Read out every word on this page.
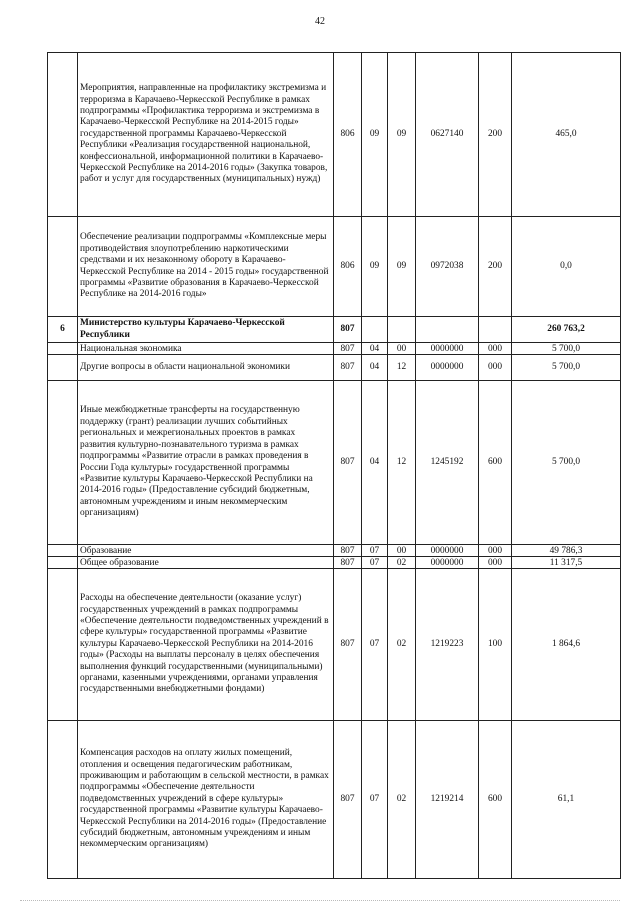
42
	Мероприятия, направленные на профилактику экстремизма и терроризма в Карачаево-Черкесской Республике в рамках подпрограммы «Профилактика терроризма и экстремизма в Карачаево-Черкесской Республике на 2014-2015 годы» государственной программы Карачаево-Черкесской Республики «Реализация государственной национальной, конфессиональной, информационной политики в Карачаево-Черкесской Республике на 2014-2016 годы» (Закупка товаров, работ и услуг для государственных (муниципальных) нужд)	806	09	09	0627140	200	465,0
	Обеспечение реализации подпрограммы «Комплексные меры противодействия злоупотреблению наркотическими средствами и их незаконному обороту в Карачаево-Черкесской Республике на 2014 - 2015 годы» государственной программы «Развитие образования в Карачаево-Черкесской Республике на 2014-2016 годы»	806	09	09	0972038	200	0,0
6	Министерство культуры Карачаево-Черкесской Республики	807					260 763,2
	Национальная экономика	807	04	00	0000000	000	5 700,0
	Другие вопросы в области национальной экономики	807	04	12	0000000	000	5 700,0
	Иные межбюджетные трансферты на государственную поддержку (грант) реализации лучших событийных региональных и межрегиональных проектов в рамках развития культурно-познавательного туризма в рамках подпрограммы «Развитие отрасли в рамках проведения в России Года культуры» государственной программы «Развитие культуры Карачаево-Черкесской Республики на 2014-2016 годы» (Предоставление субсидий бюджетным, автономным учреждениям и иным некоммерческим организациям)	807	04	12	1245192	600	5 700,0
	Образование	807	07	00	0000000	000	49 786,3
	Общее образование	807	07	02	0000000	000	11 317,5
	Расходы на обеспечение деятельности (оказание услуг) государственных учреждений в рамках подпрограммы «Обеспечение деятельности подведомственных учреждений в сфере культуры» государственной программы «Развитие культуры Карачаево-Черкесской Республики на 2014-2016 годы» (Расходы на выплаты персоналу в целях обеспечения выполнения функций государственными (муниципальными) органами, казенными учреждениями, органами управления государственными внебюджетными фондами)	807	07	02	1219223	100	1 864,6
	Компенсация расходов на оплату жилых помещений, отопления и освещения педагогическим работникам, проживающим и работающим в сельской местности, в рамках подпрограммы «Обеспечение деятельности подведомственных учреждений в сфере культуры» государственной программы «Развитие культуры Карачаево-Черкесской Республики на 2014-2016 годы» (Предоставление субсидий бюджетным, автономным учреждениям и иным некоммерческим организациям)	807	07	02	1219214	600	61,1
